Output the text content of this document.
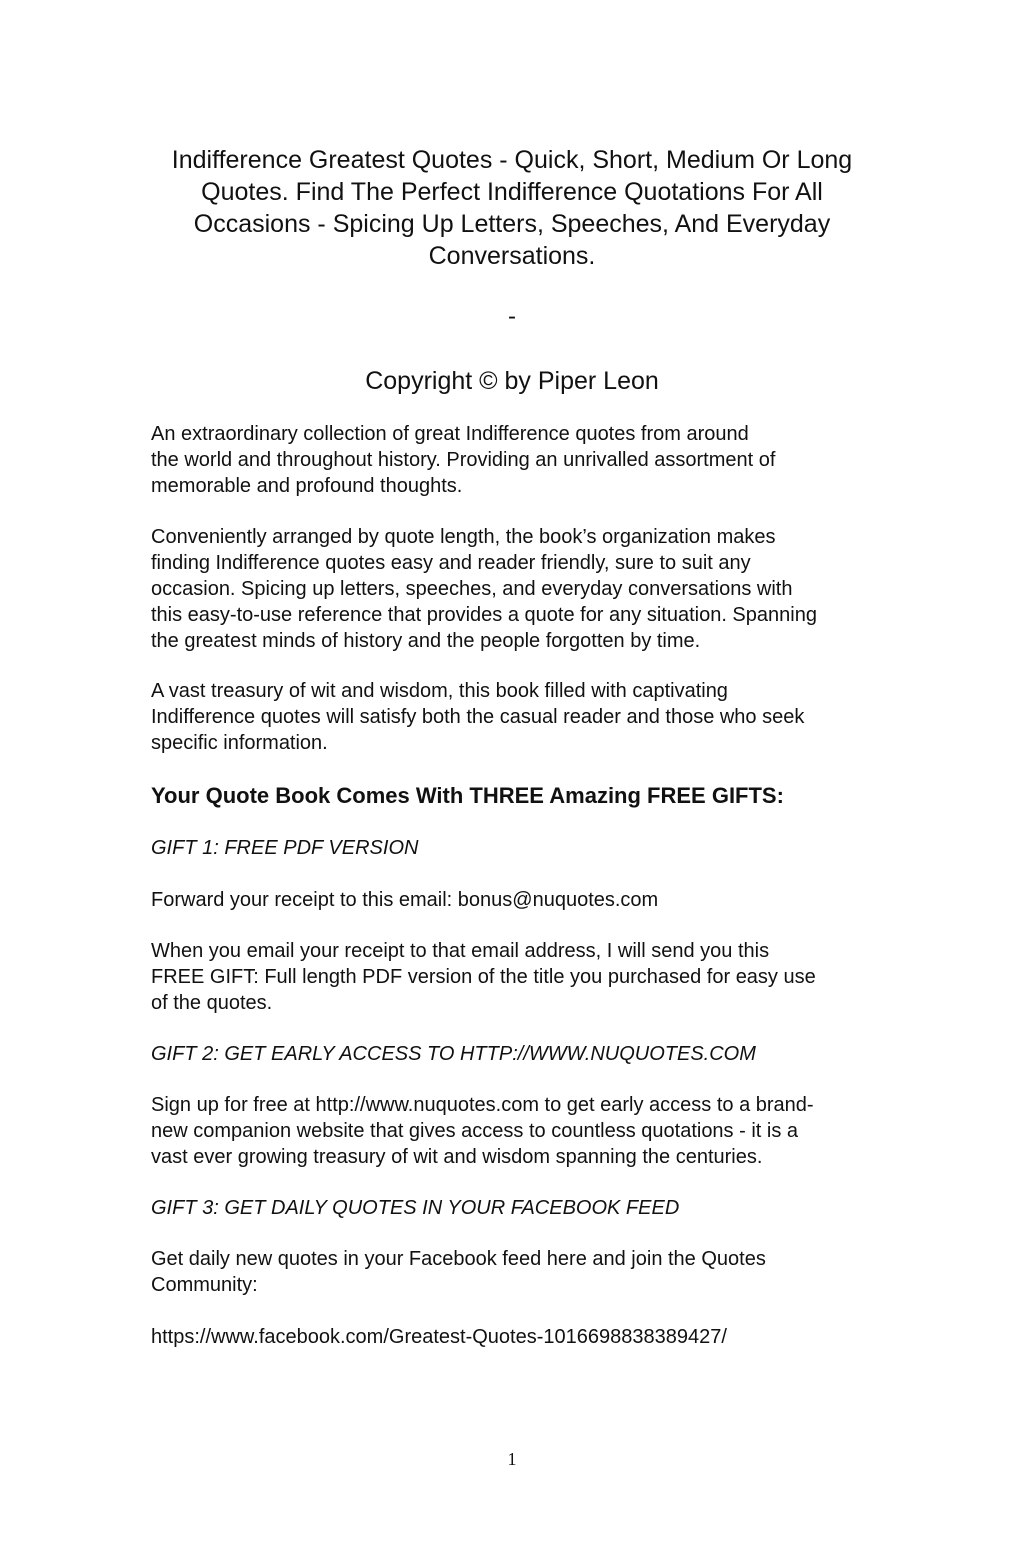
Indifference Greatest Quotes - Quick, Short, Medium Or Long Quotes. Find The Perfect Indifference Quotations For All Occasions - Spicing Up Letters, Speeches, And Everyday Conversations.
-
Copyright © by Piper Leon

An extraordinary collection of great Indifference quotes from around
the world and throughout history. Providing an unrivalled assortment of
memorable and profound thoughts.

Conveniently arranged by quote length, the book’s organization makes
finding Indifference quotes easy and reader friendly, sure to suit any
occasion. Spicing up letters, speeches, and everyday conversations with
this easy-to-use reference that provides a quote for any situation. Spanning
the greatest minds of history and the people forgotten by time.

A vast treasury of wit and wisdom, this book filled with captivating
Indifference quotes will satisfy both the casual reader and those who seek
specific information.

Your Quote Book Comes With THREE Amazing FREE GIFTS:

GIFT 1: FREE PDF VERSION

Forward your receipt to this email: bonus@nuquotes.com

When you email your receipt to that email address, I will send you this
FREE GIFT: Full length PDF version of the title you purchased for easy use
of the quotes.

GIFT 2: GET EARLY ACCESS TO HTTP://WWW.NUQUOTES.COM

Sign up for free at http://www.nuquotes.com to get early access to a brand-
new companion website that gives access to countless quotations - it is a
vast ever growing treasury of wit and wisdom spanning the centuries.

GIFT 3: GET DAILY QUOTES IN YOUR FACEBOOK FEED

Get daily new quotes in your Facebook feed here and join the Quotes
Community:

https://www.facebook.com/Greatest-Quotes-1016698838389427/

1
